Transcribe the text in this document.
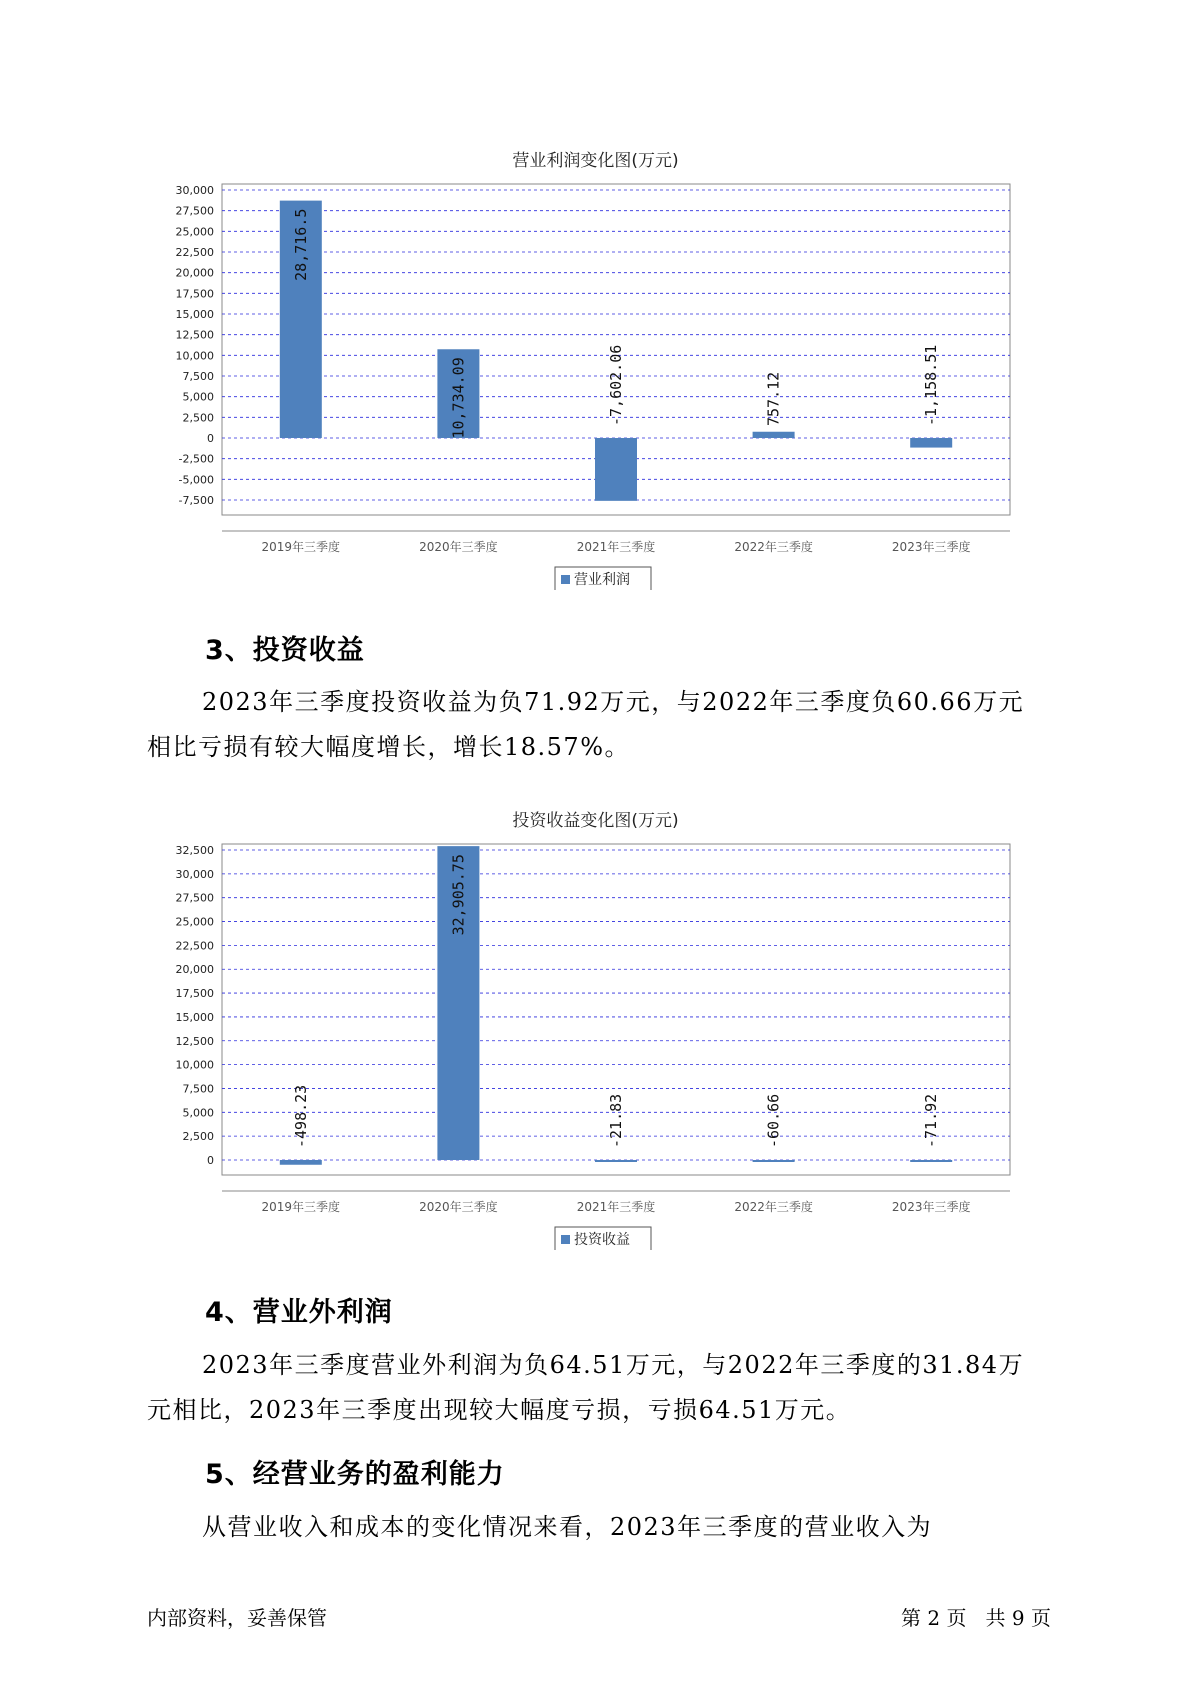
营业利润变化图(万元)
30,000
27,500
25,000
22,500
20,000
17,500
15,000
12,500
10,000
7,500
5,000
2,500
0
-2,500
-5,000
-7,500
28,716.5
2019年三季度
10,734.09
2020年三季度
-7,602.06
2021年三季度
757.12
2022年三季度
-1,158.51
2023年三季度
营业利润
3、投资收益

2023年三季度投资收益为负71.92万元，与2022年三季度负60.66万元

相比亏损有较大幅度增长，增长18.57%。

投资收益变化图(万元)
32,500
30,000
27,500
25,000
22,500
20,000
17,500
15,000
12,500
10,000
7,500
5,000
2,500
0
-498.23
2019年三季度
32,905.75
2020年三季度
-21.83
2021年三季度
-60.66
2022年三季度
-71.92
2023年三季度
投资收益
4、营业外利润

2023年三季度营业外利润为负64.51万元，与2022年三季度的31.84万

元相比，2023年三季度出现较大幅度亏损，亏损64.51万元。

5、经营业务的盈利能力

从营业收入和成本的变化情况来看，2023年三季度的营业收入为

内部资料，妥善保管	第 2 页   共 9 页
